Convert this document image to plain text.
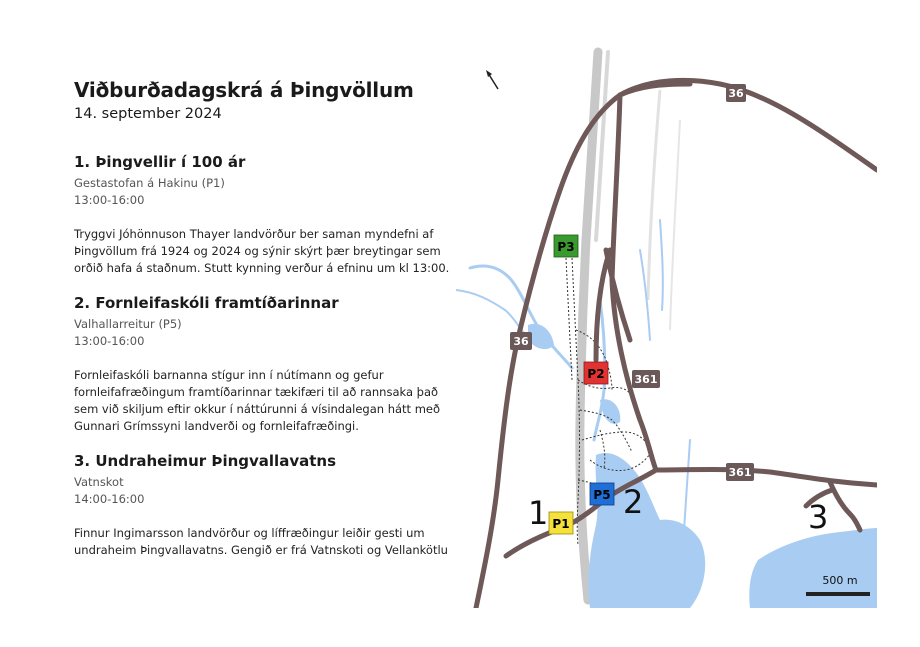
Viðburðadagskrá á Þingvöllum

14. september 2024

1. Þingvellir í 100 ár

Gestastofan á Hakinu (P1)

13:00-16:00

Tryggvi Jóhönnuson Thayer landvörður ber saman myndefni af

Þingvöllum frá 1924 og 2024 og sýnir skýrt þær breytingar sem

orðið hafa á staðnum. Stutt kynning verður á efninu um kl 13:00.

2. Fornleifaskóli framtíðarinnar

Valhallarreitur (P5)

13:00-16:00

Fornleifaskóli barnanna stígur inn í nútímann og gefur

fornleifafræðingum framtíðarinnar tækifæri til að rannsaka það

sem við skiljum eftir okkur í náttúrunni á vísindalegan hátt með

Gunnari Grímssyni landverði og fornleifafræðingi.

3. Undraheimur Þingvallavatns

Vatnskot

14:00-16:00

Finnur Ingimarsson landvörður og líffræðingur leiðir gesti um

undraheim Þingvallavatns. Gengið er frá Vatnskoti og Vellankötlu

36
36
361
361
P3
P2
P5
P1
1 2	3
500 m
